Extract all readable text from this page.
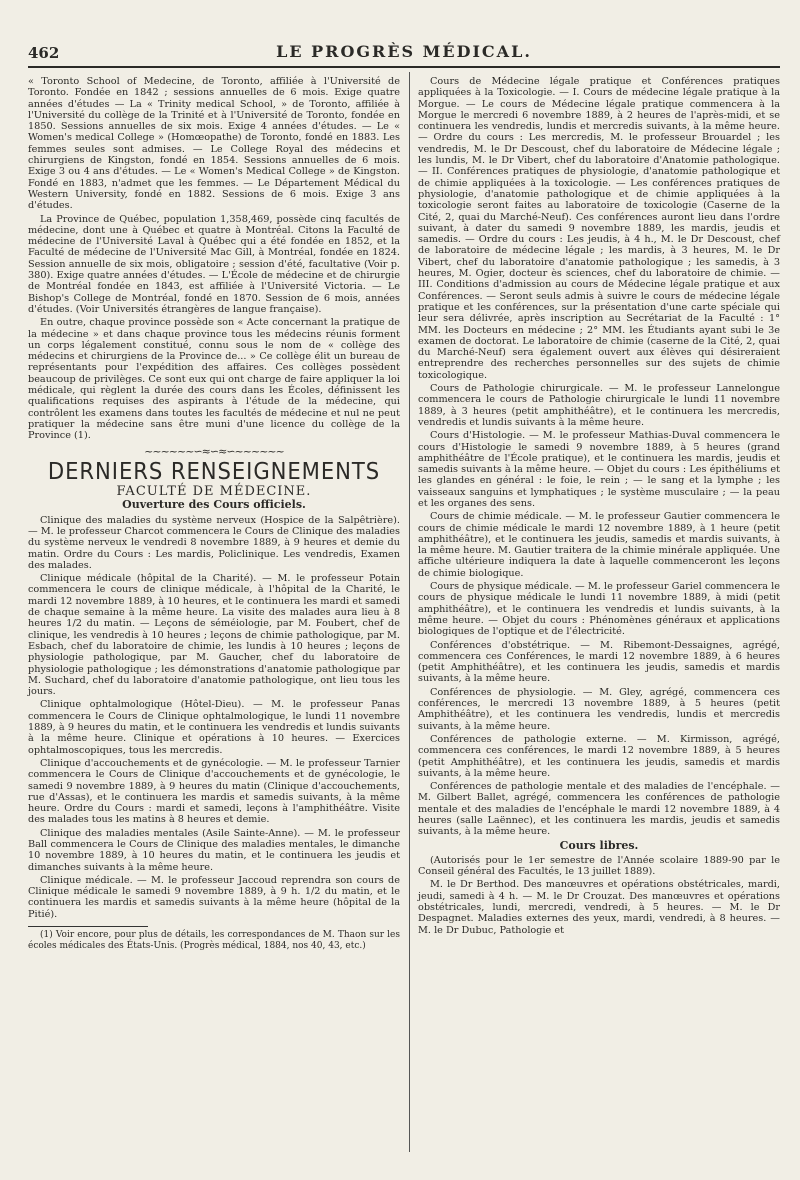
462	LE PROGRÈS MÉDICAL.

« Toronto School of Medecine, de Toronto, affiliée à l'Université de Toronto. Fondée en 1842 ; sessions annuelles de 6 mois. Exige quatre années d'études — La « Trinity medical School, » de Toronto, affiliée à l'Université du collège de la Trinité et à l'Université de Toronto, fondée en 1850. Sessions annuelles de six mois. Exige 4 années d'études. — Le « Women's medical College » (Homœopathe) de Toronto, fondé en 1883. Les femmes seules sont admises. — Le College Royal des médecins et chirurgiens de Kingston, fondé en 1854. Sessions annuelles de 6 mois. Exige 3 ou 4 ans d'études. — Le « Women's Medical College » de Kingston. Fondé en 1883, n'admet que les femmes. — Le Département Médical du Western University, fondé en 1882. Sessions de 6 mois. Exige 3 ans d'études.

La Province de Québec, population 1,358,469, possède cinq facultés de médecine, dont une à Québec et quatre à Montréal. Citons la Faculté de médecine de l'Université Laval à Québec qui a été fondée en 1852, et la Faculté de médecine de l'Université Mac Gill, à Montréal, fondée en 1824. Session annuelle de six mois, obligatoire ; session d'été, facultative (Voir p. 380). Exige quatre années d'études. — L'École de médecine et de chirurgie de Montréal fondée en 1843, est affiliée à l'Université Victoria. — Le Bishop's College de Montréal, fondé en 1870. Session de 6 mois, années d'études. (Voir Universités étrangères de langue française).

En outre, chaque province possède son « Acte concernant la pratique de la médecine » et dans chaque province tous les médecins réunis forment un corps légalement constitué, connu sous le nom de « collège des médecins et chirurgiens de la Province de... » Ce collège élit un bureau de représentants pour l'expédition des affaires. Ces collèges possèdent beaucoup de privilèges. Ce sont eux qui ont charge de faire appliquer la loi médicale, qui règlent la durée des cours dans les Écoles, définissent les qualifications requises des aspirants à l'étude de la médecine, qui contrôlent les examens dans toutes les facultés de médecine et nul ne peut pratiquer la médecine sans être muni d'une licence du collège de la Province (1).

~~~~~~∽≈∽≈∽~~~~~~
DERNIERS RENSEIGNEMENTS
FACULTÉ DE MÉDECINE.
Ouverture des Cours officiels.

Clinique des maladies du système nerveux (Hospice de la Salpêtrière). — M. le professeur Charcot commencera le Cours de Clinique des maladies du système nerveux le vendredi 8 novembre 1889, à 9 heures et demie du matin. Ordre du Cours : Les mardis, Policlinique. Les vendredis, Examen des malades.

Clinique médicale (hôpital de la Charité). — M. le professeur Potain commencera le cours de clinique médicale, à l'hôpital de la Charité, le mardi 12 novembre 1889, à 10 heures, et le continuera les mardi et samedi de chaque semaine à la même heure. La visite des malades aura lieu à 8 heures 1/2 du matin. — Leçons de séméiologie, par M. Foubert, chef de clinique, les vendredis à 10 heures ; leçons de chimie pathologique, par M. Esbach, chef du laboratoire de chimie, les lundis à 10 heures ; leçons de physiologie pathologique, par M. Gaucher, chef du laboratoire de physiologie pathologique ; les démonstrations d'anatomie pathologique par M. Suchard, chef du laboratoire d'anatomie pathologique, ont lieu tous les jours.

Clinique ophtalmologique (Hôtel-Dieu). — M. le professeur Panas commencera le Cours de Clinique ophtalmologique, le lundi 11 novembre 1889, à 9 heures du matin, et le continuera les vendredis et lundis suivants à la même heure. Clinique et opérations à 10 heures. — Exercices ophtalmoscopiques, tous les mercredis.

Clinique d'accouchements et de gynécologie. — M. le professeur Tarnier commencera le Cours de Clinique d'accouchements et de gynécologie, le samedi 9 novembre 1889, à 9 heures du matin (Clinique d'accouchements, rue d'Assas), et le continuera les mardis et samedis suivants, à la même heure. Ordre du Cours : mardi et samedi, leçons à l'amphithéâtre. Visite des malades tous les matins à 8 heures et demie.

Clinique des maladies mentales (Asile Sainte-Anne). — M. le professeur Ball commencera le Cours de Clinique des maladies mentales, le dimanche 10 novembre 1889, à 10 heures du matin, et le continuera les jeudis et dimanches suivants à la même heure.

Clinique médicale. — M. le professeur Jaccoud reprendra son cours de Clinique médicale le samedi 9 novembre 1889, à 9 h. 1/2 du matin, et le continuera les mardis et samedis suivants à la même heure (hôpital de la Pitié).

(1) Voir encore, pour plus de détails, les correspondances de M. Thaon sur les écoles médicales des États-Unis. (Progrès médical, 1884, nos 40, 43, etc.)

Cours de Médecine légale pratique et Conférences pratiques appliquées à la Toxicologie. — I. Cours de médecine légale pratique à la Morgue. — Le cours de Médecine légale pratique commencera à la Morgue le mercredi 6 novembre 1889, à 2 heures de l'après-midi, et se continuera les vendredis, lundis et mercredis suivants, à la même heure. — Ordre du cours : Les mercredis, M. le professeur Brouardel ; les vendredis, M. le Dr Descoust, chef du laboratoire de Médecine légale ; les lundis, M. le Dr Vibert, chef du laboratoire d'Anatomie pathologique. — II. Conférences pratiques de physiologie, d'anatomie pathologique et de chimie appliquées à la toxicologie. — Les conférences pratiques de physiologie, d'anatomie pathologique et de chimie appliquées à la toxicologie seront faites au laboratoire de toxicologie (Caserne de la Cité, 2, quai du Marché-Neuf). Ces conférences auront lieu dans l'ordre suivant, à dater du samedi 9 novembre 1889, les mardis, jeudis et samedis. — Ordre du cours : Les jeudis, à 4 h., M. le Dr Descoust, chef de laboratoire de médecine légale ; les mardis, à 3 heures, M. le Dr Vibert, chef du laboratoire d'anatomie pathologique ; les samedis, à 3 heures, M. Ogier, docteur ès sciences, chef du laboratoire de chimie. — III. Conditions d'admission au cours de Médecine légale pratique et aux Conférences. — Seront seuls admis à suivre le cours de médecine légale pratique et les conférences, sur la présentation d'une carte spéciale qui leur sera délivrée, après inscription au Secrétariat de la Faculté : 1° MM. les Docteurs en médecine ; 2° MM. les Étudiants ayant subi le 3e examen de doctorat. Le laboratoire de chimie (caserne de la Cité, 2, quai du Marché-Neuf) sera également ouvert aux élèves qui désireraient entreprendre des recherches personnelles sur des sujets de chimie toxicologique.

Cours de Pathologie chirurgicale. — M. le professeur Lannelongue commencera le cours de Pathologie chirurgicale le lundi 11 novembre 1889, à 3 heures (petit amphithéâtre), et le continuera les mercredis, vendredis et lundis suivants à la même heure.

Cours d'Histologie. — M. le professeur Mathias-Duval commencera le cours d'Histologie le samedi 9 novembre 1889, à 5 heures (grand amphithéâtre de l'École pratique), et le continuera les mardis, jeudis et samedis suivants à la même heure. — Objet du cours : Les épithéliums et les glandes en général : le foie, le rein ; — le sang et la lymphe ; les vaisseaux sanguins et lymphatiques ; le système musculaire ; — la peau et les organes des sens.

Cours de chimie médicale. — M. le professeur Gautier commencera le cours de chimie médicale le mardi 12 novembre 1889, à 1 heure (petit amphithéâtre), et le continuera les jeudis, samedis et mardis suivants, à la même heure. M. Gautier traitera de la chimie minérale appliquée. Une affiche ultérieure indiquera la date à laquelle commenceront les leçons de chimie biologique.

Cours de physique médicale. — M. le professeur Gariel commencera le cours de physique médicale le lundi 11 novembre 1889, à midi (petit amphithéâtre), et le continuera les vendredis et lundis suivants, à la même heure. — Objet du cours : Phénomènes généraux et applications biologiques de l'optique et de l'électricité.

Conférences d'obstétrique. — M. Ribemont-Dessaignes, agrégé, commencera ces Conférences, le mardi 12 novembre 1889, à 6 heures (petit Amphithéâtre), et les continuera les jeudis, samedis et mardis suivants, à la même heure.

Conférences de physiologie. — M. Gley, agrégé, commencera ces conférences, le mercredi 13 novembre 1889, à 5 heures (petit Amphithéâtre), et les continuera les vendredis, lundis et mercredis suivants, à la même heure.

Conférences de pathologie externe. — M. Kirmisson, agrégé, commencera ces conférences, le mardi 12 novembre 1889, à 5 heures (petit Amphithéâtre), et les continuera les jeudis, samedis et mardis suivants, à la même heure.

Conférences de pathologie mentale et des maladies de l'encéphale. — M. Gilbert Ballet, agrégé, commencera les conférences de pathologie mentale et des maladies de l'encéphale le mardi 12 novembre 1889, à 4 heures (salle Laënnec), et les continuera les mardis, jeudis et samedis suivants, à la même heure.

Cours libres.

(Autorisés pour le 1er semestre de l'Année scolaire 1889-90 par le Conseil général des Facultés, le 13 juillet 1889).

M. le Dr Berthod. Des manœuvres et opérations obstétricales, mardi, jeudi, samedi à 4 h. — M. le Dr Crouzat. Des manœuvres et opérations obstétricales, lundi, mercredi, vendredi, à 5 heures. — M. le Dr Despagnet. Maladies externes des yeux, mardi, vendredi, à 8 heures. — M. le Dr Dubuc, Pathologie et
